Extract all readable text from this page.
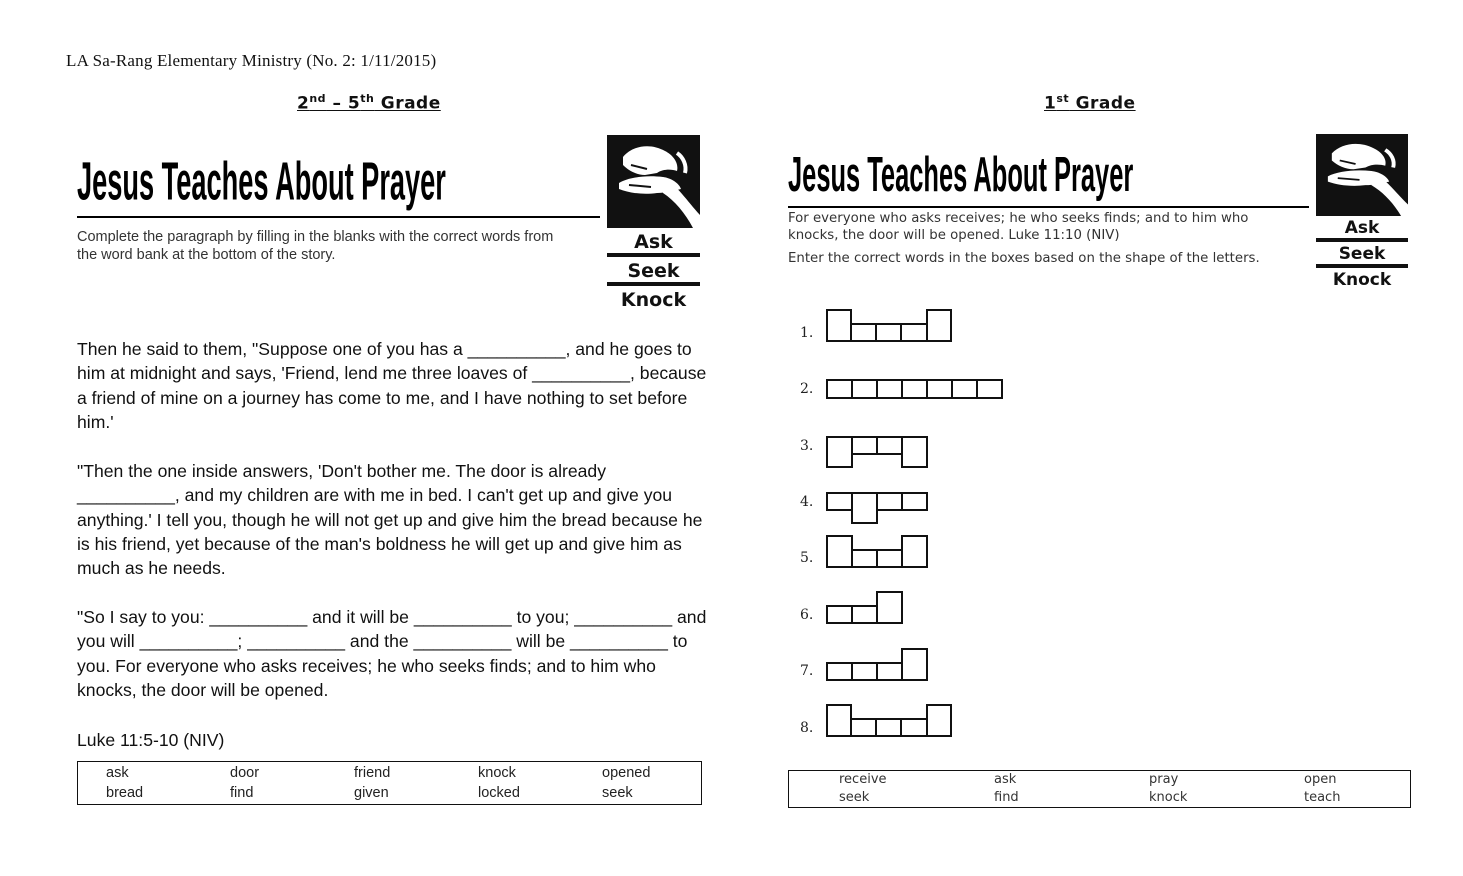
LA Sa-Rang Elementary Ministry (No. 2: 1/11/2015)
2nd – 5th Grade
Jesus Teaches About Prayer
Complete the paragraph by filling in the blanks with the correct words from the word bank at the bottom of the story.
Ask
Seek
Knock

Then he said to them, "Suppose one of you has a __________, and he goes to him at midnight and says, 'Friend, lend me three loaves of __________, because a friend of mine on a journey has come to me, and I have nothing to set before him.'

"Then the one inside answers, 'Don't bother me. The door is already __________, and my children are with me in bed. I can't get up and give you anything.' I tell you, though he will not get up and give him the bread because he is his friend, yet because of the man's boldness he will get up and give him as much as he needs.

"So I say to you: __________ and it will be __________ to you; __________ and you will __________; __________ and the __________ will be __________ to you. For everyone who asks receives; he who seeks finds; and to him who knocks, the door will be opened.

Luke 11:5-10 (NIV)
ask	door	friend	knock	opened
bread	find	given	locked	seek
1st Grade
Jesus Teaches About Prayer
For everyone who asks receives; he who seeks finds; and to him who knocks, the door will be opened. Luke 11:10 (NIV)
Enter the correct words in the boxes based on the shape of the letters.
Ask
Seek
Knock
1.
2.
3.
4.
5.
6.
7.
8.
receive	ask	pray	open
seek	find	knock	teach
